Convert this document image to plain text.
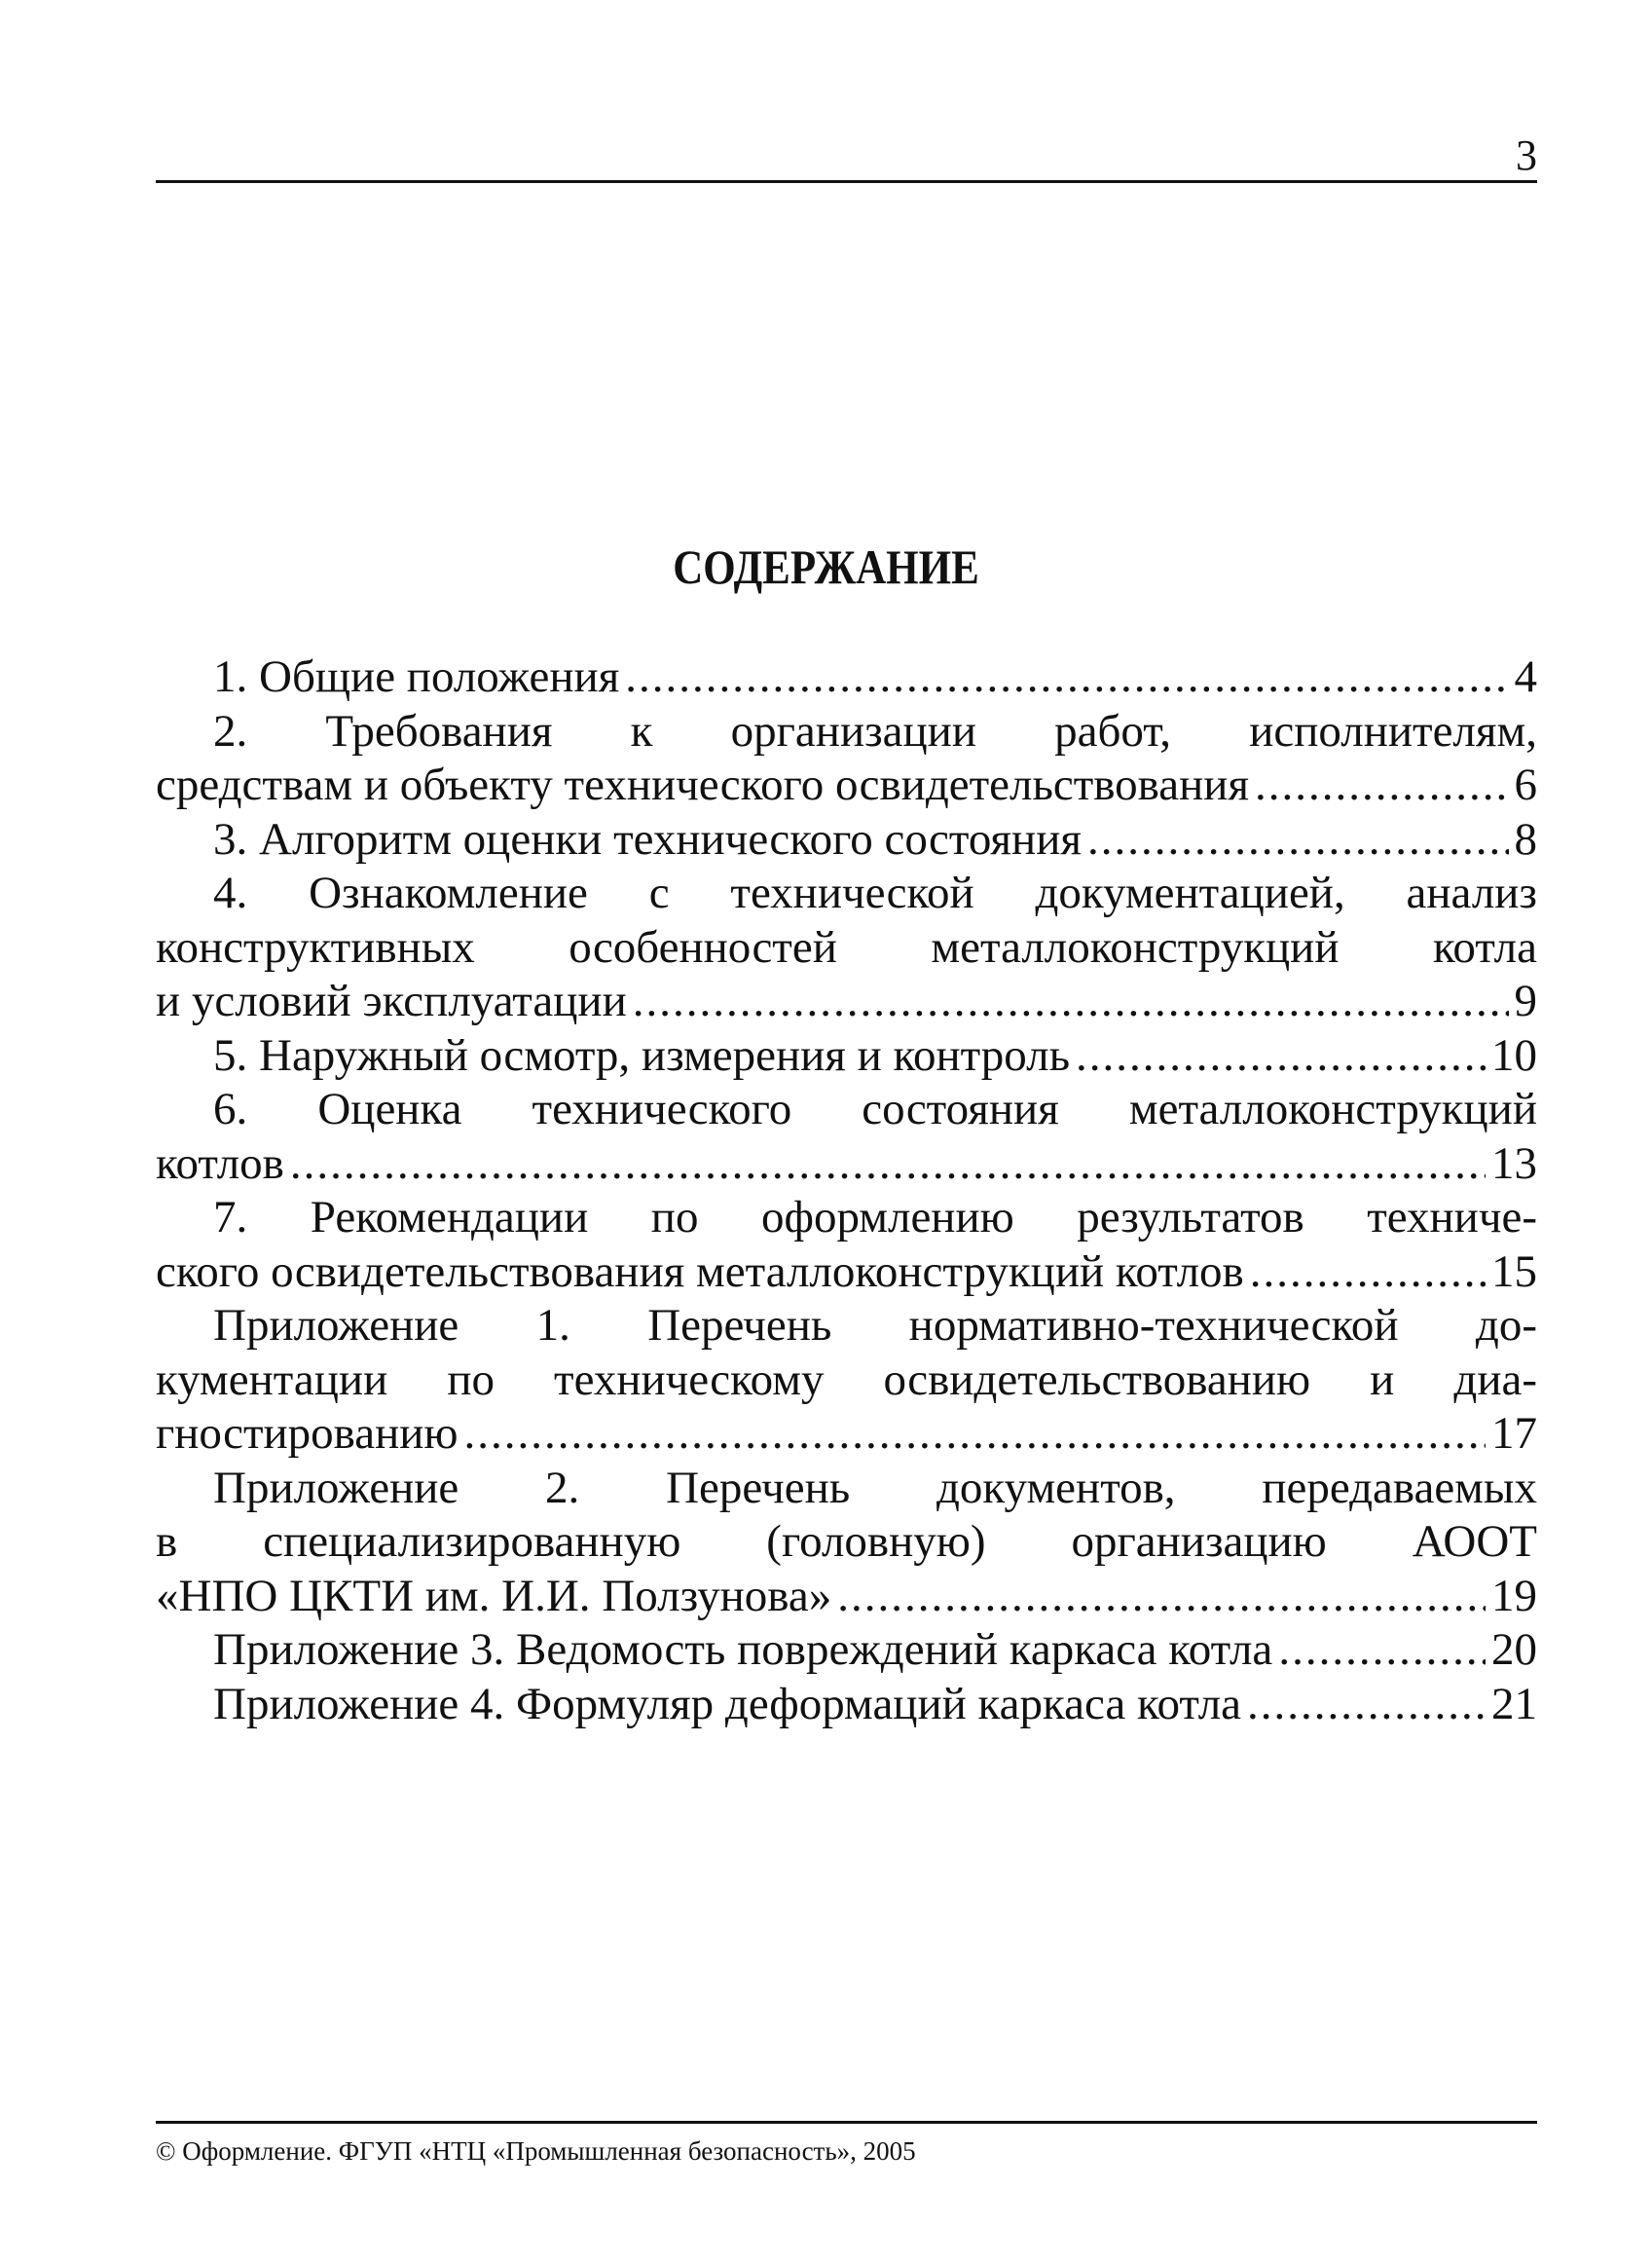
3
СОДЕРЖАНИЕ
1. Общие положения .....	4
2. Требования к организации работ, исполнителям,
средствам и объекту технического освидетельствования .....	6
3. Алгоритм оценки технического состояния .....	8
4. Ознакомление с технической документацией, анализ
конструктивных особенностей металлоконструкций котла
и условий эксплуатации .....	9
5. Наружный осмотр, измерения и контроль .....	10
6. Оценка технического состояния металлоконструкций
котлов .....	13
7. Рекомендации по оформлению результатов техниче-
ского освидетельствования металлоконструкций котлов .....	15
Приложение 1. Перечень нормативно-технической до-
кументации по техническому освидетельствованию и диа-
гностированию .....	17
Приложение 2. Перечень документов, передаваемых
в специализированную (головную) организацию АООТ
«НПО ЦКТИ им. И.И. Ползунова» .....	19
Приложение 3. Ведомость повреждений каркаса котла .....	20
Приложение 4. Формуляр деформаций каркаса котла .....	21
© Оформление. ФГУП «НТЦ «Промышленная безопасность», 2005
